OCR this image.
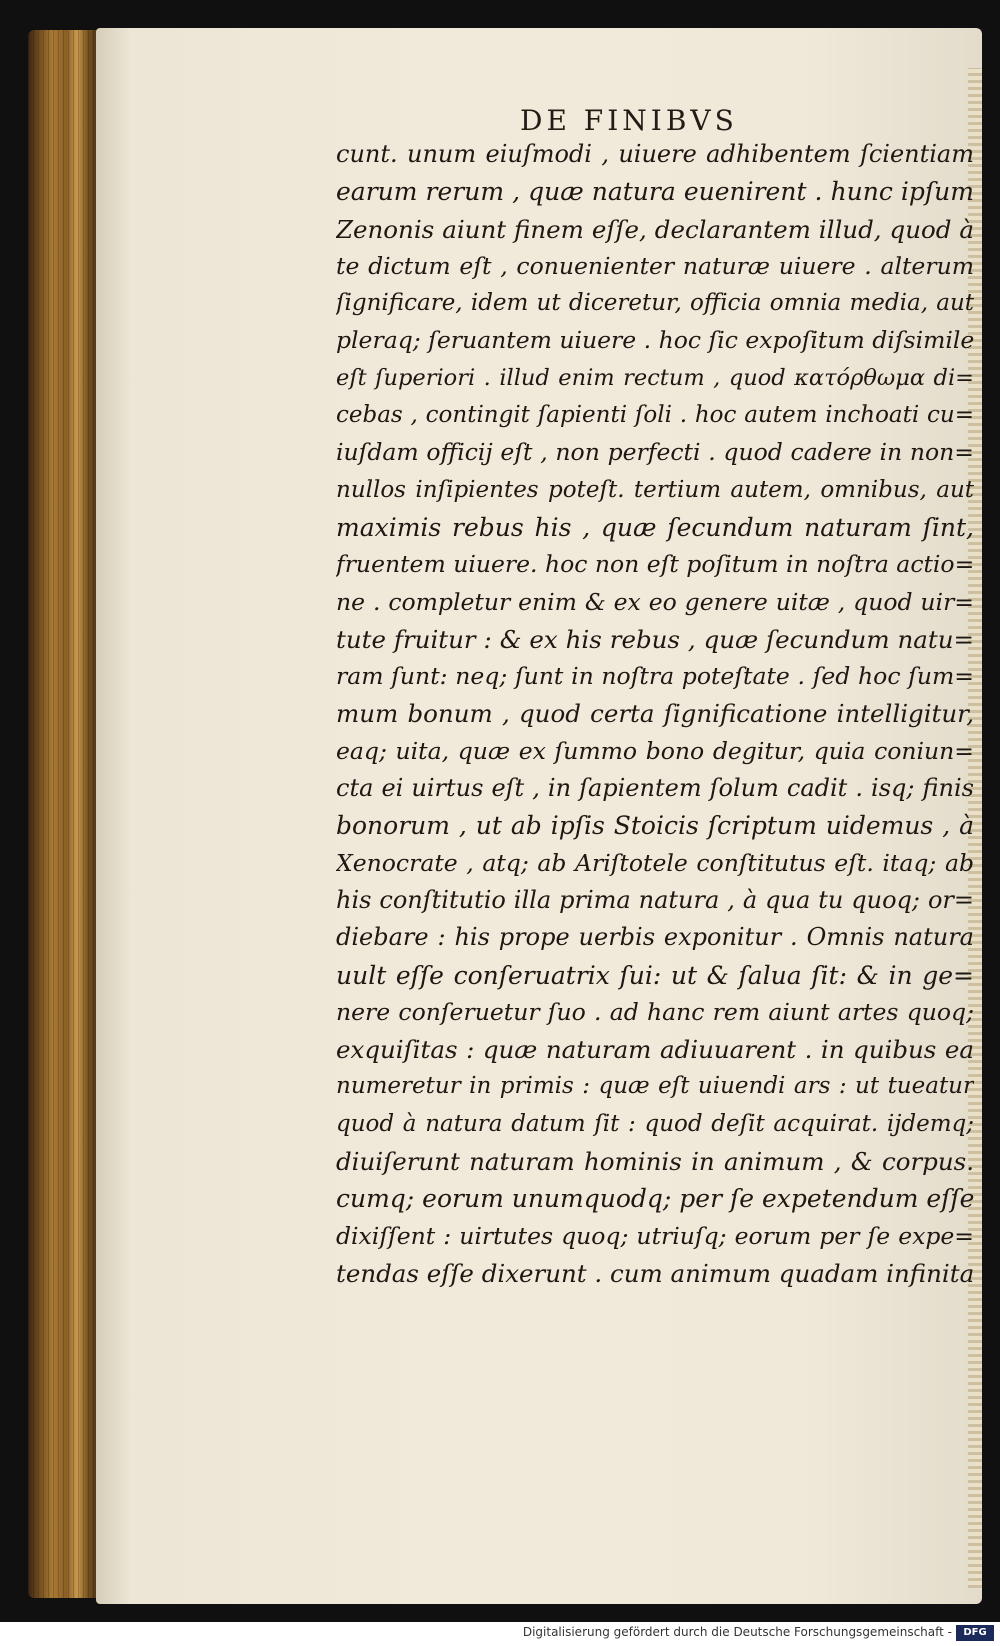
DE FINIBVS
cunt. unum eiuſmodi , uiuere adhibentem ſcientiam
earum rerum , quæ natura euenirent . hunc ipſum
Zenonis aiunt finem eſſe, declarantem illud, quod à
te dictum eſt , conuenienter naturæ uiuere . alterum
ſignificare, idem ut diceretur, officia omnia media, aut
pleraq; ſeruantem uiuere . hoc ſic expoſitum diſsimile
eſt ſuperiori . illud enim rectum , quod κατόρθωμα di=
cebas , contingit ſapienti ſoli . hoc autem inchoati cu=
iuſdam officij eſt , non perfecti . quod cadere in non=
nullos inſipientes poteſt. tertium autem, omnibus, aut
maximis rebus his , quæ ſecundum naturam ſint,
fruentem uiuere. hoc non eſt poſitum in noſtra actio=
ne . completur enim & ex eo genere uitæ , quod uir=
tute fruitur : & ex his rebus , quæ ſecundum natu=
ram ſunt: neq; ſunt in noſtra poteſtate . ſed hoc ſum=
mum bonum , quod certa ſignificatione intelligitur,
eaq; uita, quæ ex ſummo bono degitur, quia coniun=
cta ei uirtus eſt , in ſapientem ſolum cadit . isq; finis
bonorum , ut ab ipſis Stoicis ſcriptum uidemus , à
Xenocrate , atq; ab Ariſtotele conſtitutus eſt. itaq; ab
his conſtitutio illa prima natura , à qua tu quoq; or=
diebare : his prope uerbis exponitur . Omnis natura
uult eſſe conſeruatrix ſui: ut & ſalua ſit: & in ge=
nere conſeruetur ſuo . ad hanc rem aiunt artes quoq;
exquiſitas : quæ naturam adiuuarent . in quibus ea
numeretur in primis : quæ eſt uiuendi ars : ut tueatur
quod à natura datum ſit : quod deſit acquirat. ijdemq;
diuiſerunt naturam hominis in animum , & corpus.
cumq; eorum unumquodq; per ſe expetendum eſſe
dixiſſent : uirtutes quoq; utriuſq; eorum per ſe expe=
tendas eſſe dixerunt . cum animum quadam infinita
Digitalisierung gefördert durch die Deutsche Forschungsgemeinschaft -	DFG
